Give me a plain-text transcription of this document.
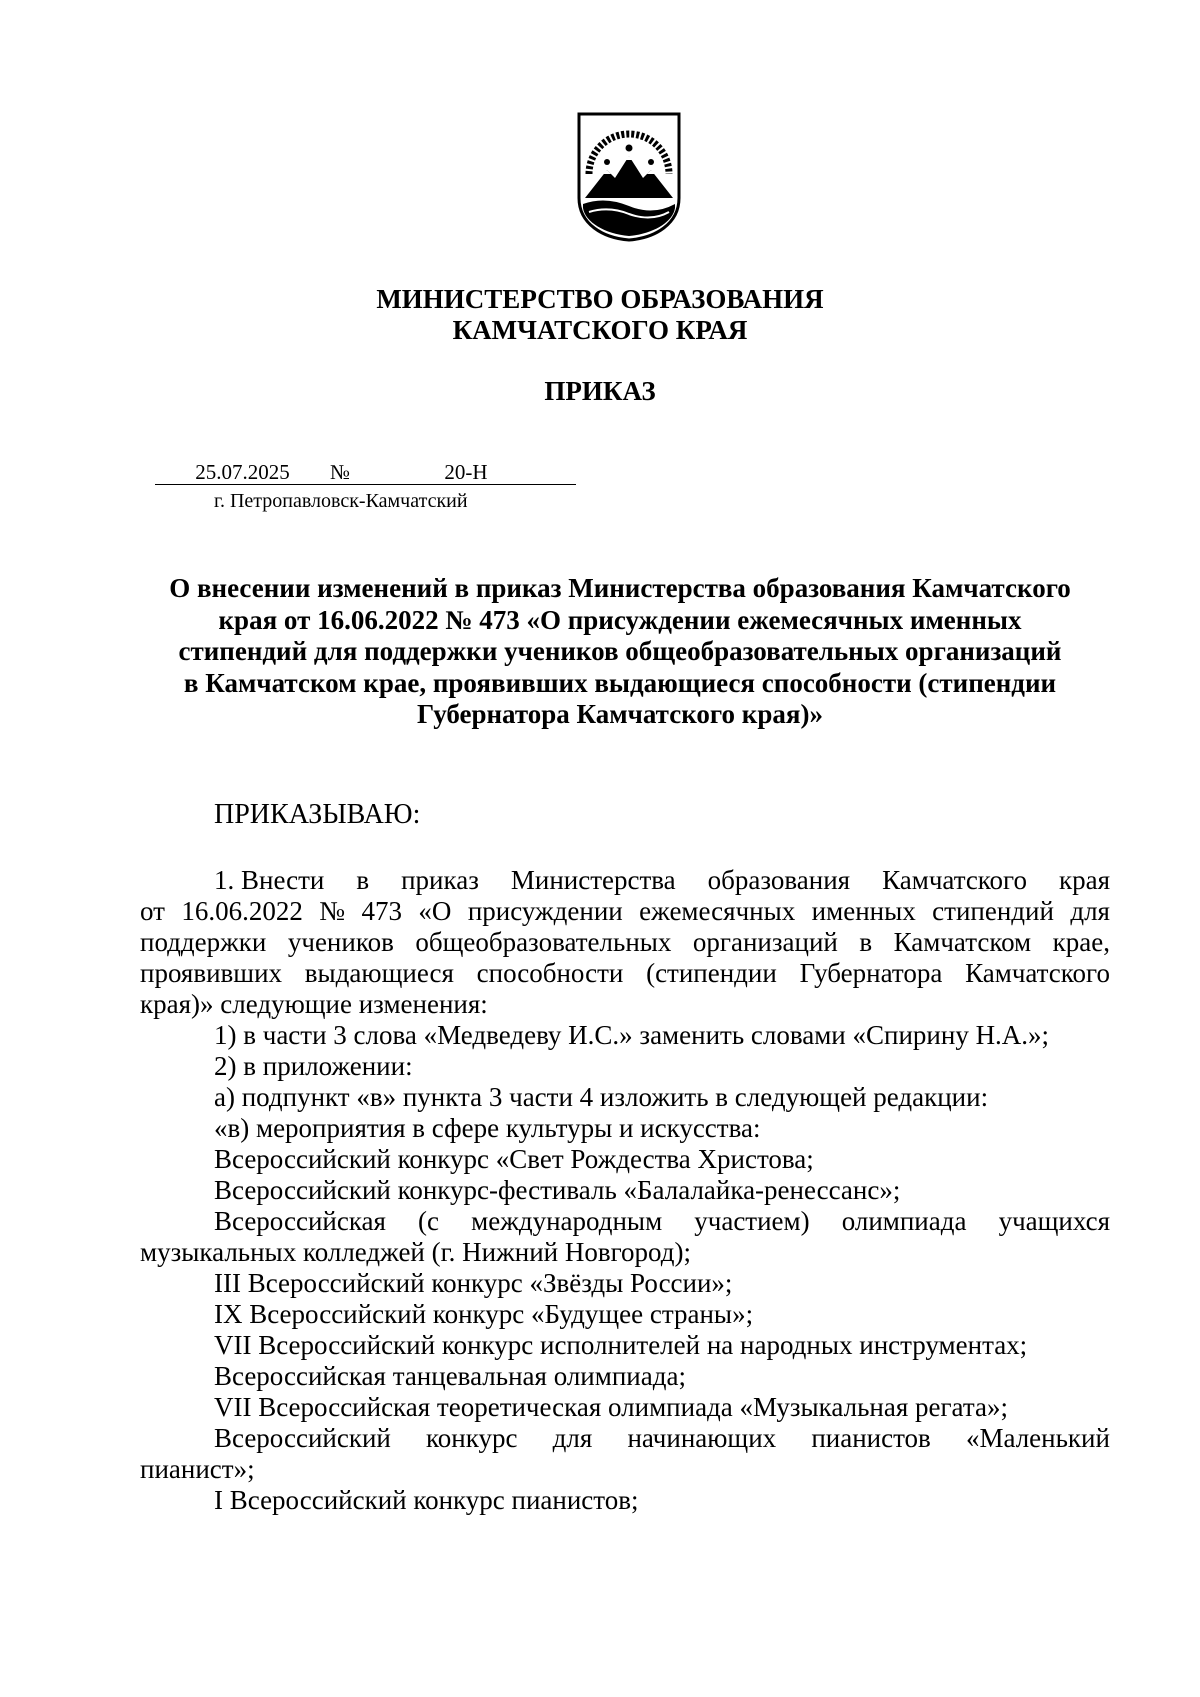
МИНИСТЕРСТВО ОБРАЗОВАНИЯ
КАМЧАТСКОГО КРАЯ
ПРИКАЗ
25.07.2025	№	20-Н
г. Петропавловск-Камчатский
О внесении изменений в приказ Министерства образования Камчатского
края от 16.06.2022 № 473 «О присуждении ежемесячных именных
стипендий для поддержки учеников общеобразовательных организаций
в Камчатском крае, проявивших выдающиеся способности (стипендии
Губернатора Камчатского края)»
ПРИКАЗЫВАЮ:
1. Внести в приказ Министерства образования Камчатского края
от 16.06.2022 № 473 «О присуждении ежемесячных именных стипендий для
поддержки учеников общеобразовательных организаций в Камчатском крае,
проявивших выдающиеся способности (стипендии Губернатора Камчатского
края)» следующие изменения:
1) в части 3 слова «Медведеву И.С.» заменить словами «Спирину Н.А.»;
2) в приложении:
а) подпункт «в» пункта 3 части 4 изложить в следующей редакции:
«в) мероприятия в сфере культуры и искусства:
Всероссийский конкурс «Свет Рождества Христова;
Всероссийский конкурс-фестиваль «Балалайка-ренессанс»;
Всероссийская (с международным участием) олимпиада учащихся
музыкальных колледжей (г. Нижний Новгород);
III Всероссийский конкурс «Звёзды России»;
IX Всероссийский конкурс «Будущее страны»;
VII Всероссийский конкурс исполнителей на народных инструментах;
Всероссийская танцевальная олимпиада;
VII Всероссийская теоретическая олимпиада «Музыкальная регата»;
Всероссийский конкурс для начинающих пианистов «Маленький
пианист»;
I Всероссийский конкурс пианистов;
